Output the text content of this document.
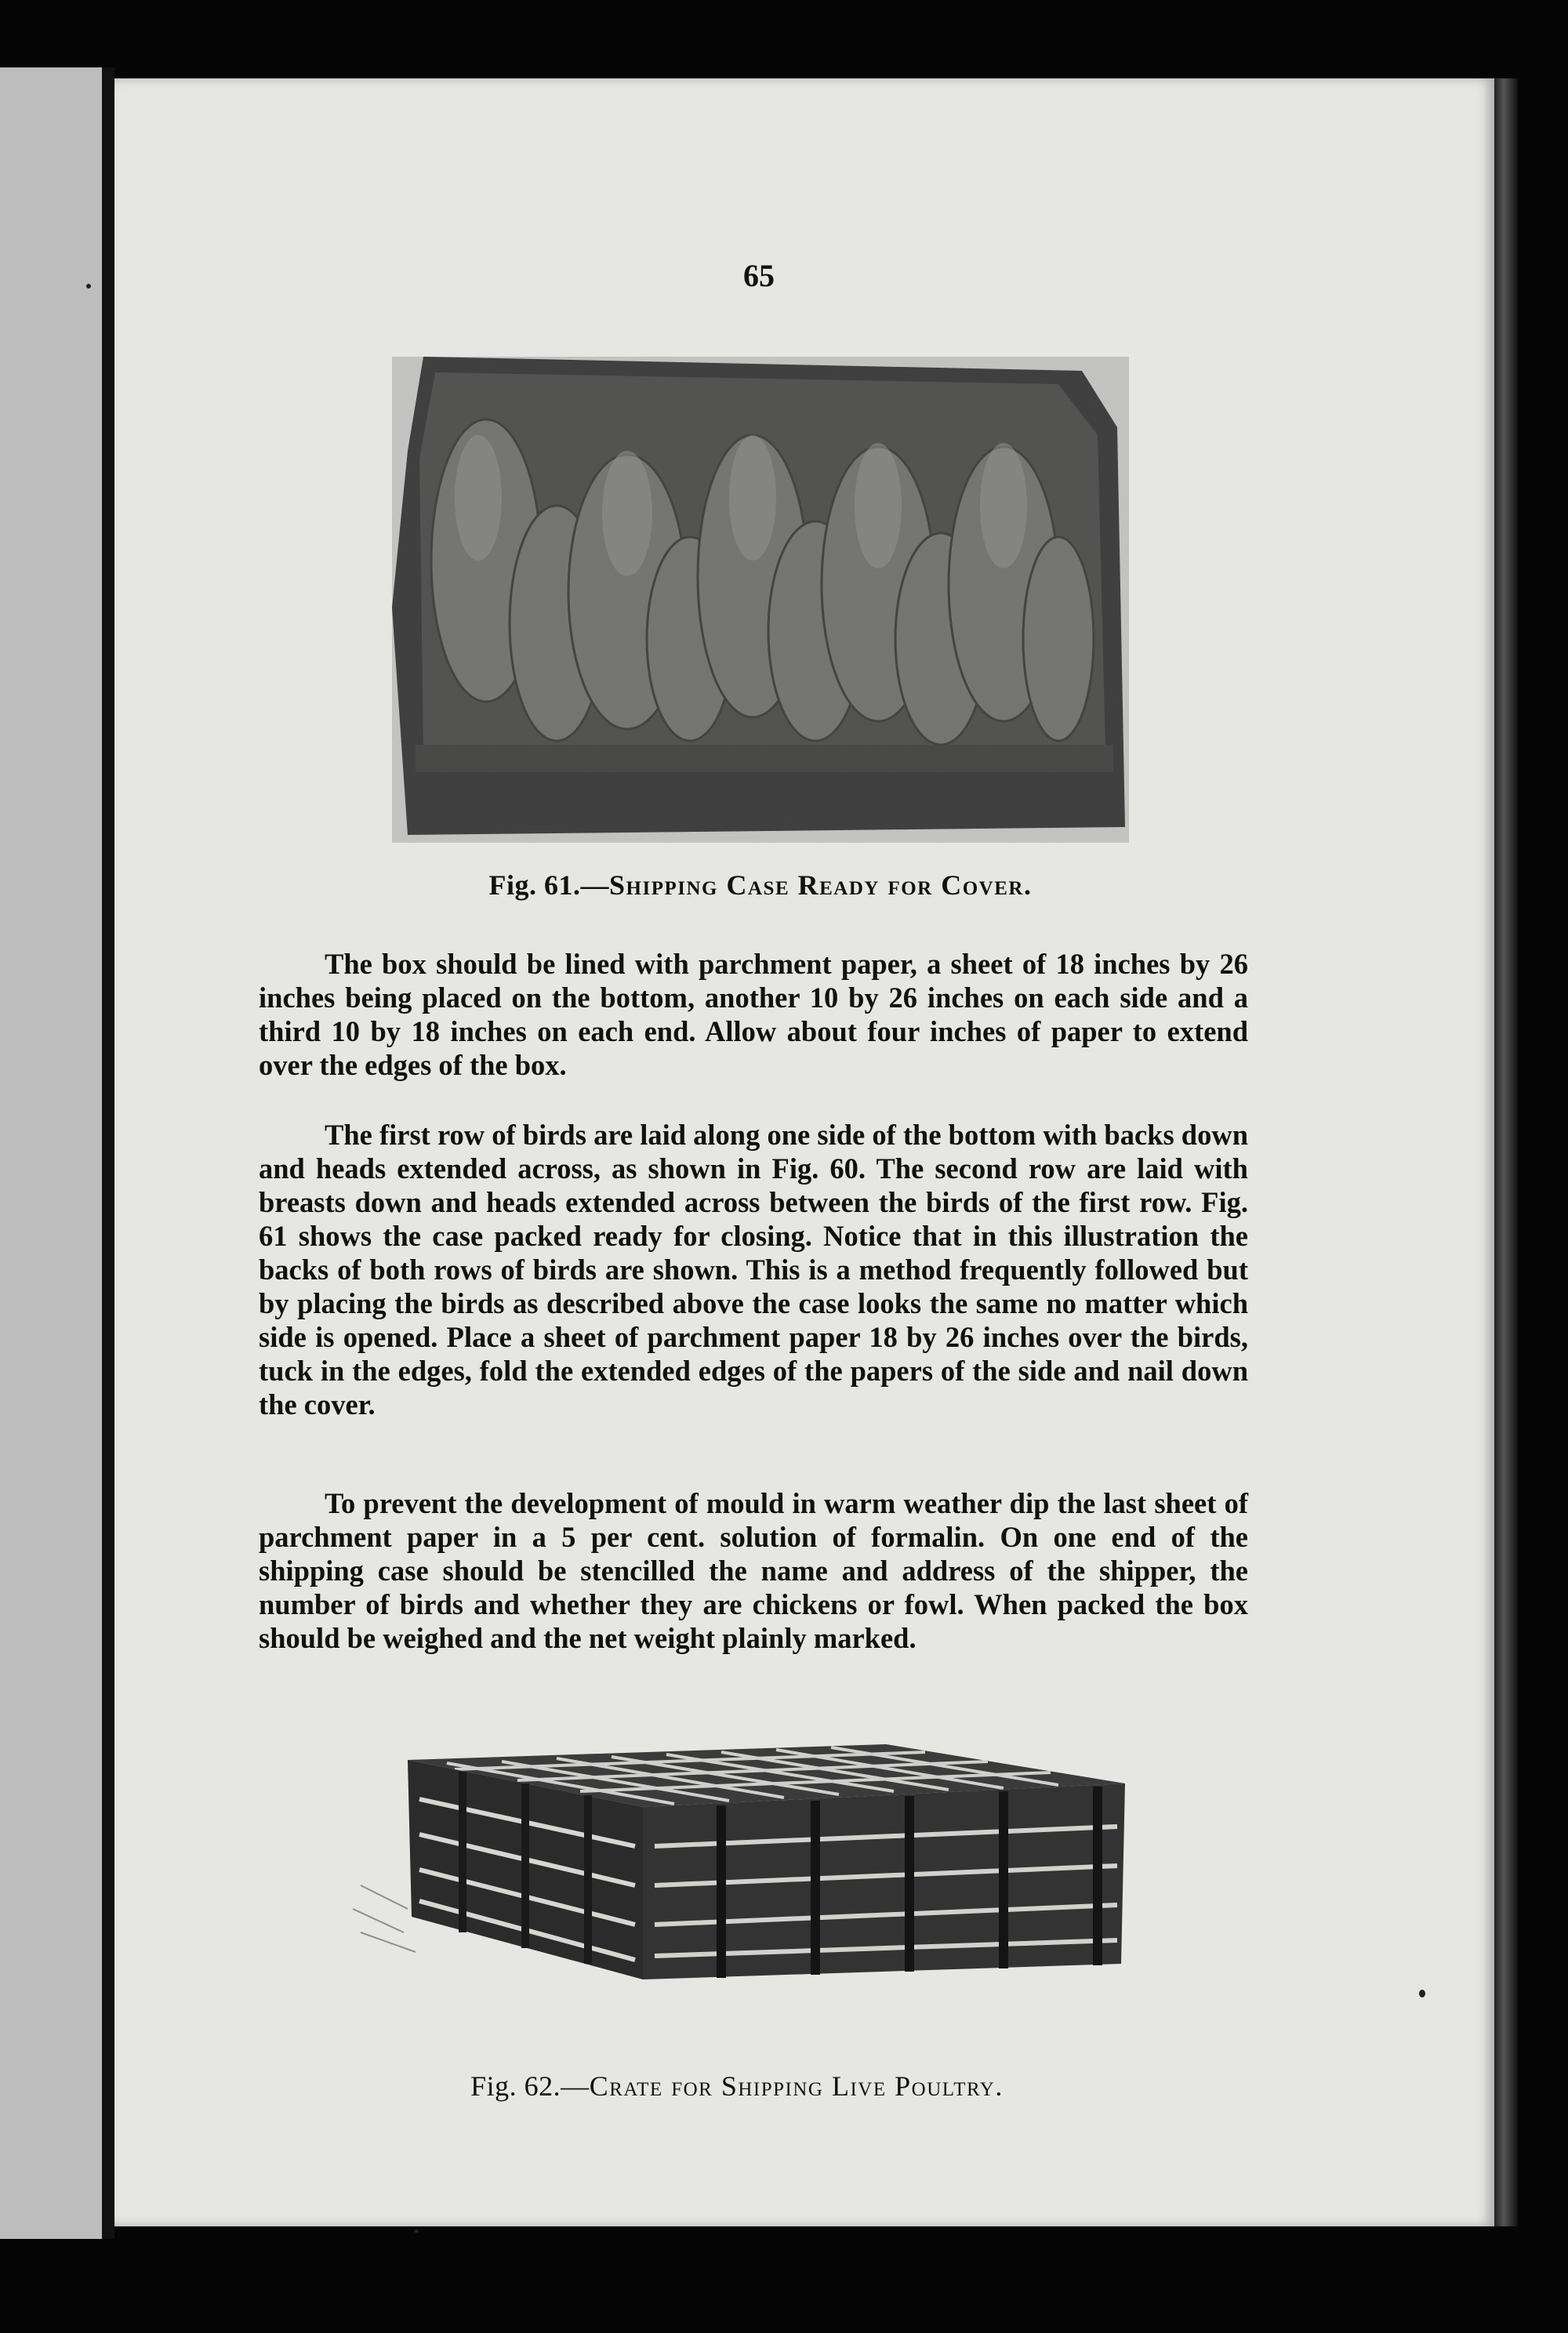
65
Fig. 61.—Shipping Case Ready for Cover.

The box should be lined with parchment paper, a sheet of 18 inches by 26 inches being placed on the bottom, another 10 by 26 inches on each side and a third 10 by 18 inches on each end. Allow about four inches of paper to extend over the edges of the box.

The first row of birds are laid along one side of the bottom with backs down and heads extended across, as shown in Fig. 60. The second row are laid with breasts down and heads extended across between the birds of the first row. Fig. 61 shows the case packed ready for closing. Notice that in this illustration the backs of both rows of birds are shown. This is a method frequently followed but by placing the birds as described above the case looks the same no matter which side is opened. Place a sheet of parchment paper 18 by 26 inches over the birds, tuck in the edges, fold the extended edges of the papers of the side and nail down the cover.

To prevent the development of mould in warm weather dip the last sheet of parchment paper in a 5 per cent. solution of formalin. On one end of the shipping case should be stencilled the name and address of the shipper, the number of birds and whether they are chickens or fowl. When packed the box should be weighed and the net weight plainly marked.

Fig. 62.—Crate for Shipping Live Poultry.
